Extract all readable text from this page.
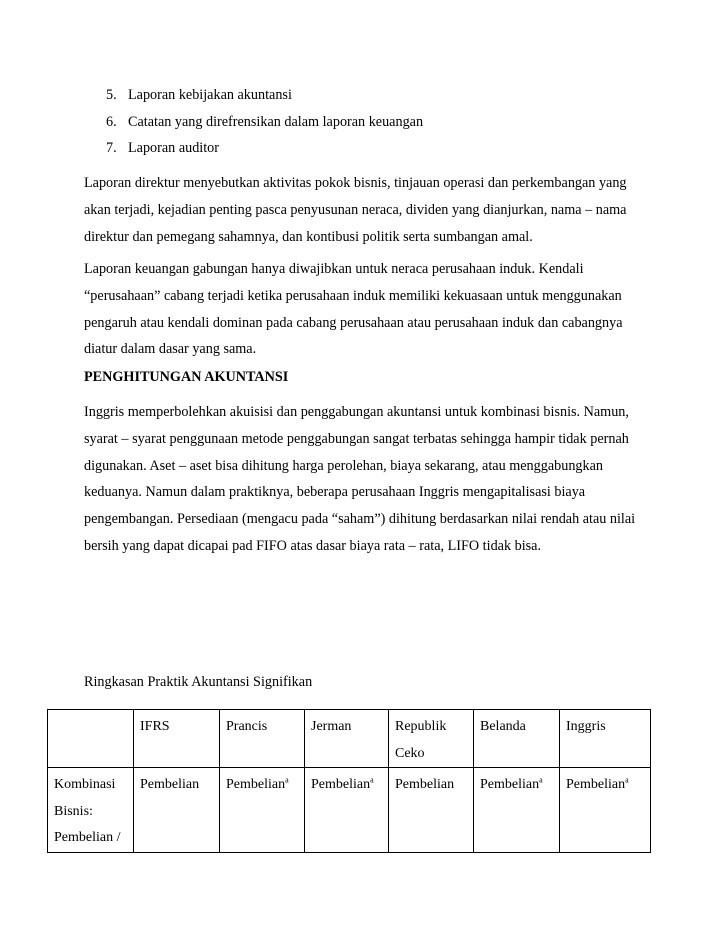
5. Laporan kebijakan akuntansi
6. Catatan yang direfrensikan dalam laporan keuangan
7. Laporan auditor

Laporan direktur menyebutkan aktivitas pokok bisnis, tinjauan operasi dan perkembangan yang
akan terjadi, kejadian penting pasca penyusunan neraca, dividen yang dianjurkan, nama – nama
direktur dan pemegang sahamnya, dan kontibusi politik serta sumbangan amal.

Laporan keuangan gabungan hanya diwajibkan untuk neraca perusahaan induk. Kendali
“perusahaan” cabang terjadi ketika perusahaan induk memiliki kekuasaan untuk menggunakan
pengaruh atau kendali dominan pada cabang perusahaan atau perusahaan induk dan cabangnya
diatur dalam dasar yang sama.

PENGHITUNGAN AKUNTANSI

Inggris memperbolehkan akuisisi dan penggabungan akuntansi untuk kombinasi bisnis. Namun,
syarat – syarat penggunaan metode penggabungan sangat terbatas sehingga hampir tidak pernah
digunakan. Aset – aset bisa dihitung harga perolehan, biaya sekarang, atau menggabungkan
keduanya. Namun dalam praktiknya, beberapa perusahaan Inggris mengapitalisasi biaya
pengembangan. Persediaan (mengacu pada “saham”) dihitung berdasarkan nilai rendah atau nilai
bersih yang dapat dicapai pad FIFO atas dasar biaya rata – rata, LIFO tidak bisa.

Ringkasan Praktik Akuntansi Signifikan

	IFRS	Prancis	Jerman	Republik Ceko	Belanda	Inggris
Kombinasi Bisnis: Pembelian /	Pembelian	Pembelian$^a$	Pembelian$^a$	Pembelian	Pembelian$^a$	Pembelian$^a$
